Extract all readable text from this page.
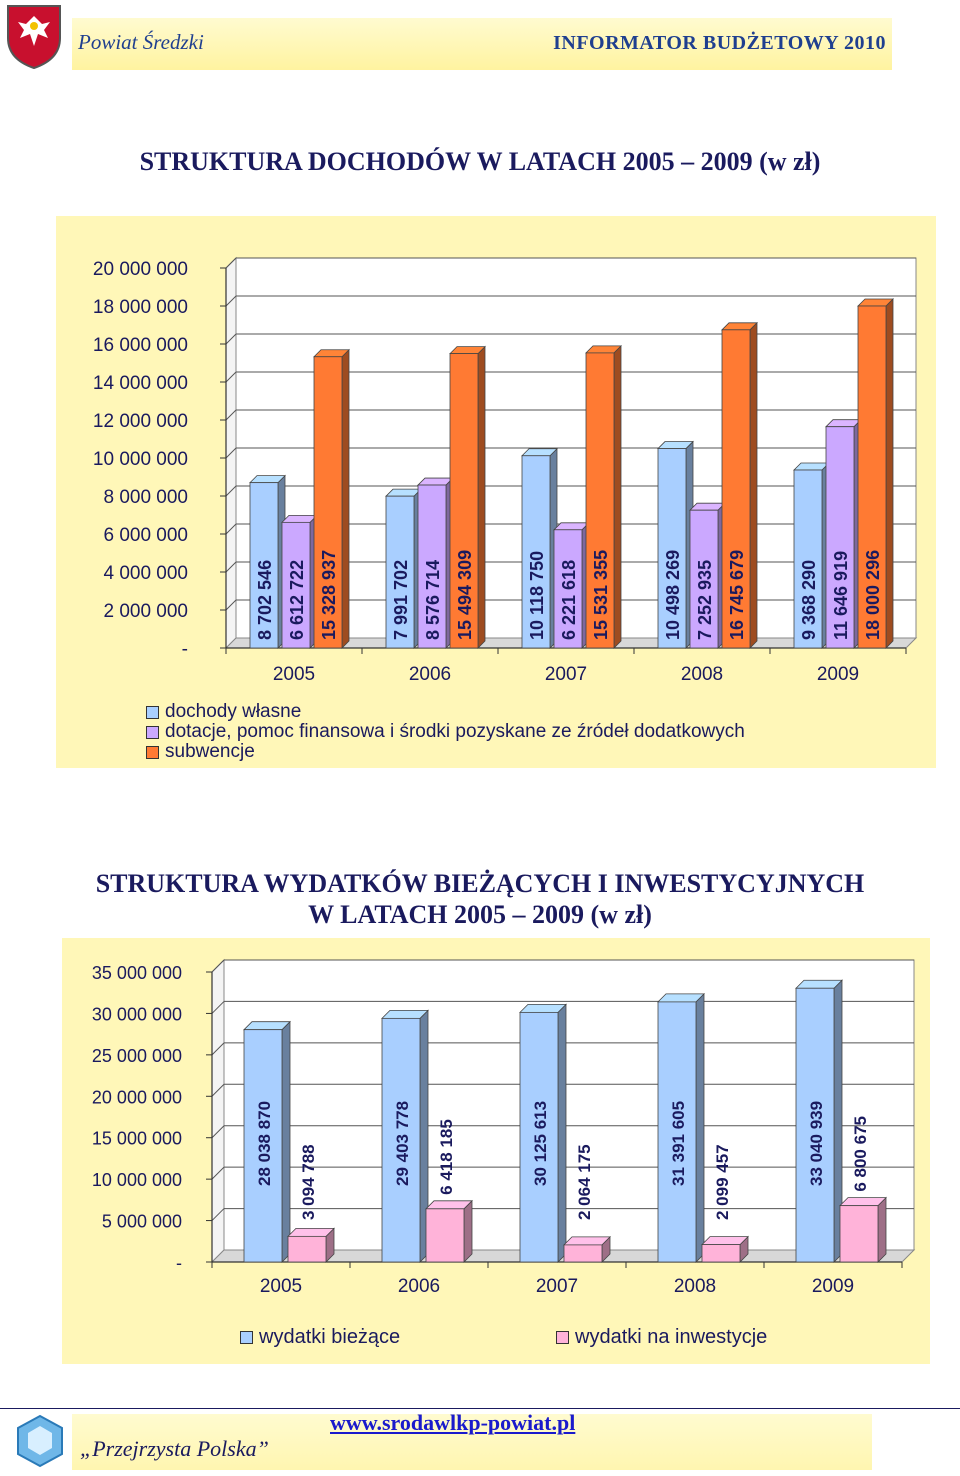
Powiat Średzki	INFORMATOR BUDŻETOWY 2010
STRUKTURA DOCHODÓW W LATACH 2005 – 2009 (w zł)
-
2 000 000
4 000 000
6 000 000
8 000 000
10 000 000
12 000 000
14 000 000
16 000 000
18 000 000
20 000 000
2005	2006	2007	2008	2009
8 702 546 6 612 722 15 328 937	7 991 702 8 576 714 15 494 309	10 118 750 6 221 618 15 531 355	10 498 269 7 252 935 16 745 679	9 368 290 11 646 919 18 000 296
dochody własne
dotacje, pomoc finansowa i środki pozyskane ze źródeł dodatkowych
subwencje
STRUKTURA WYDATKÓW BIEŻĄCYCH I INWESTYCYJNYCH
W LATACH 2005 – 2009 (w zł)
-
5 000 000
10 000 000
15 000 000
20 000 000
25 000 000
30 000 000
35 000 000
2005	2006	2007	2008	2009
28 038 870 3 094 788	29 403 778 6 418 185	30 125 613 2 064 175	31 391 605 2 099 457	33 040 939 6 800 675
wydatki bieżące	wydatki na inwestycje
„Przejrzysta Polska”
www.srodawlkp-powiat.pl
